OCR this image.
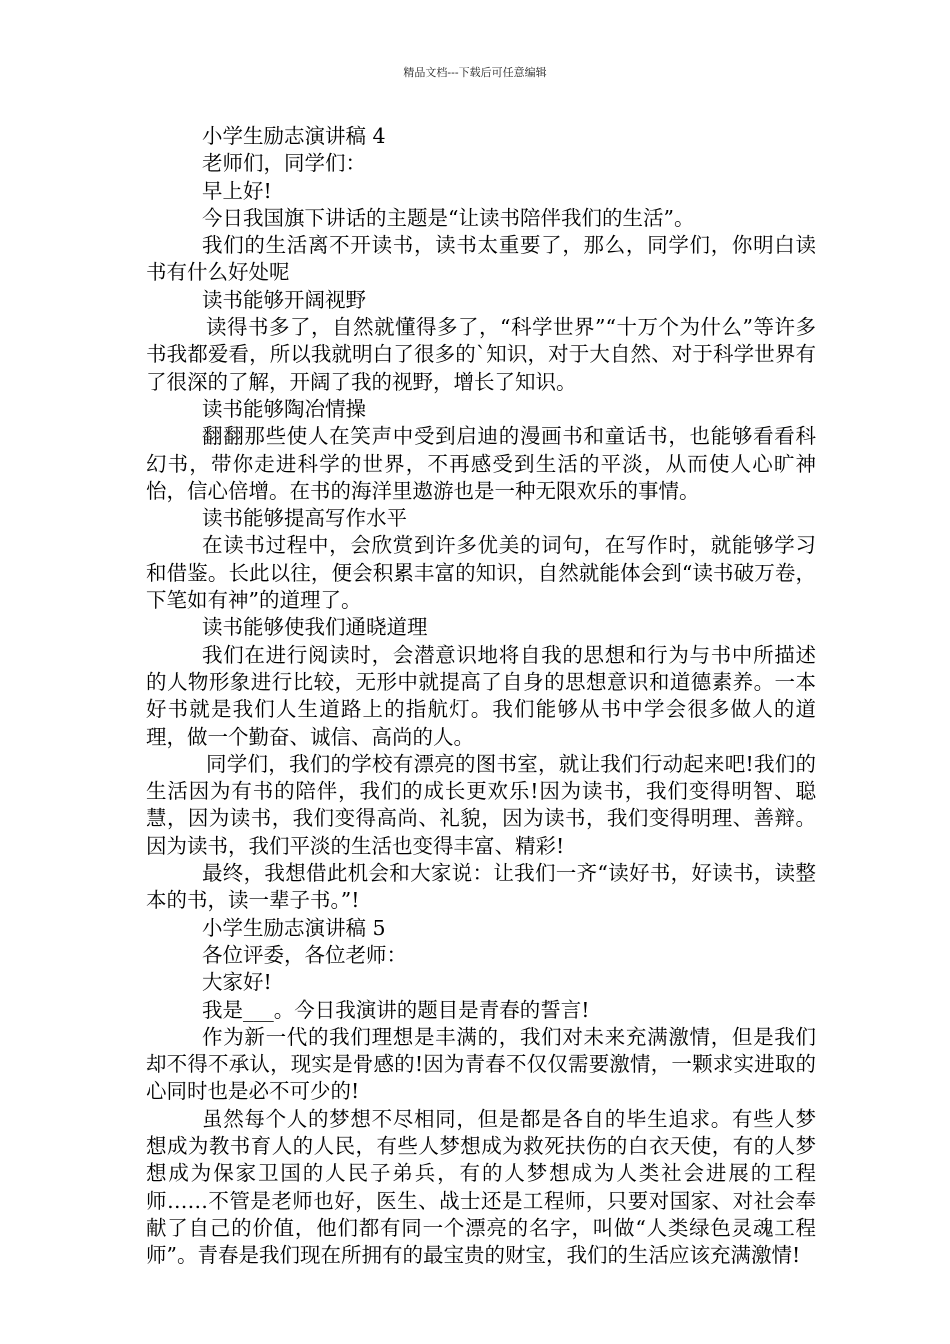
精品文档---下载后可任意编辑

小学生励志演讲稿 4

老师们，同学们：

早上好!

今日我国旗下讲话的主题是“让读书陪伴我们的生活”。

我们的生活离不开读书，读书太重要了，那么，同学们，你明白读书有什么好处呢

读书能够开阔视野

读得书多了，自然就懂得多了，“科学世界”“十万个为什么”等许多书我都爱看，所以我就明白了很多的`知识，对于大自然、对于科学世界有了很深的了解，开阔了我的视野，增长了知识。

读书能够陶冶情操

翻翻那些使人在笑声中受到启迪的漫画书和童话书，也能够看看科幻书，带你走进科学的世界，不再感受到生活的平淡，从而使人心旷神怡，信心倍增。在书的海洋里遨游也是一种无限欢乐的事情。

读书能够提高写作水平

在读书过程中，会欣赏到许多优美的词句，在写作时，就能够学习和借鉴。长此以往，便会积累丰富的知识，自然就能体会到“读书破万卷，下笔如有神”的道理了。

读书能够使我们通晓道理

我们在进行阅读时，会潜意识地将自我的思想和行为与书中所描述的人物形象进行比较，无形中就提高了自身的思想意识和道德素养。一本好书就是我们人生道路上的指航灯。我们能够从书中学会很多做人的道理，做一个勤奋、诚信、高尚的人。

同学们，我们的学校有漂亮的图书室，就让我们行动起来吧!我们的生活因为有书的陪伴，我们的成长更欢乐!因为读书，我们变得明智、聪慧，因为读书，我们变得高尚、礼貌，因为读书，我们变得明理、善辩。因为读书，我们平淡的生活也变得丰富、精彩!

最终，我想借此机会和大家说：让我们一齐“读好书，好读书，读整本的书，读一辈子书。”!

小学生励志演讲稿 5

各位评委，各位老师：

大家好!

我是___。今日我演讲的题目是青春的誓言!

作为新一代的我们理想是丰满的，我们对未来充满激情，但是我们却不得不承认，现实是骨感的!因为青春不仅仅需要激情，一颗求实进取的心同时也是必不可少的!

虽然每个人的梦想不尽相同，但是都是各自的毕生追求。有些人梦想成为教书育人的人民，有些人梦想成为救死扶伤的白衣天使，有的人梦想成为保家卫国的人民子弟兵，有的人梦想成为人类社会进展的工程师……不管是老师也好，医生、战士还是工程师，只要对国家、对社会奉献了自己的价值，他们都有同一个漂亮的名字，叫做“人类绿色灵魂工程师”。青春是我们现在所拥有的最宝贵的财宝，我们的生活应该充满激情!
